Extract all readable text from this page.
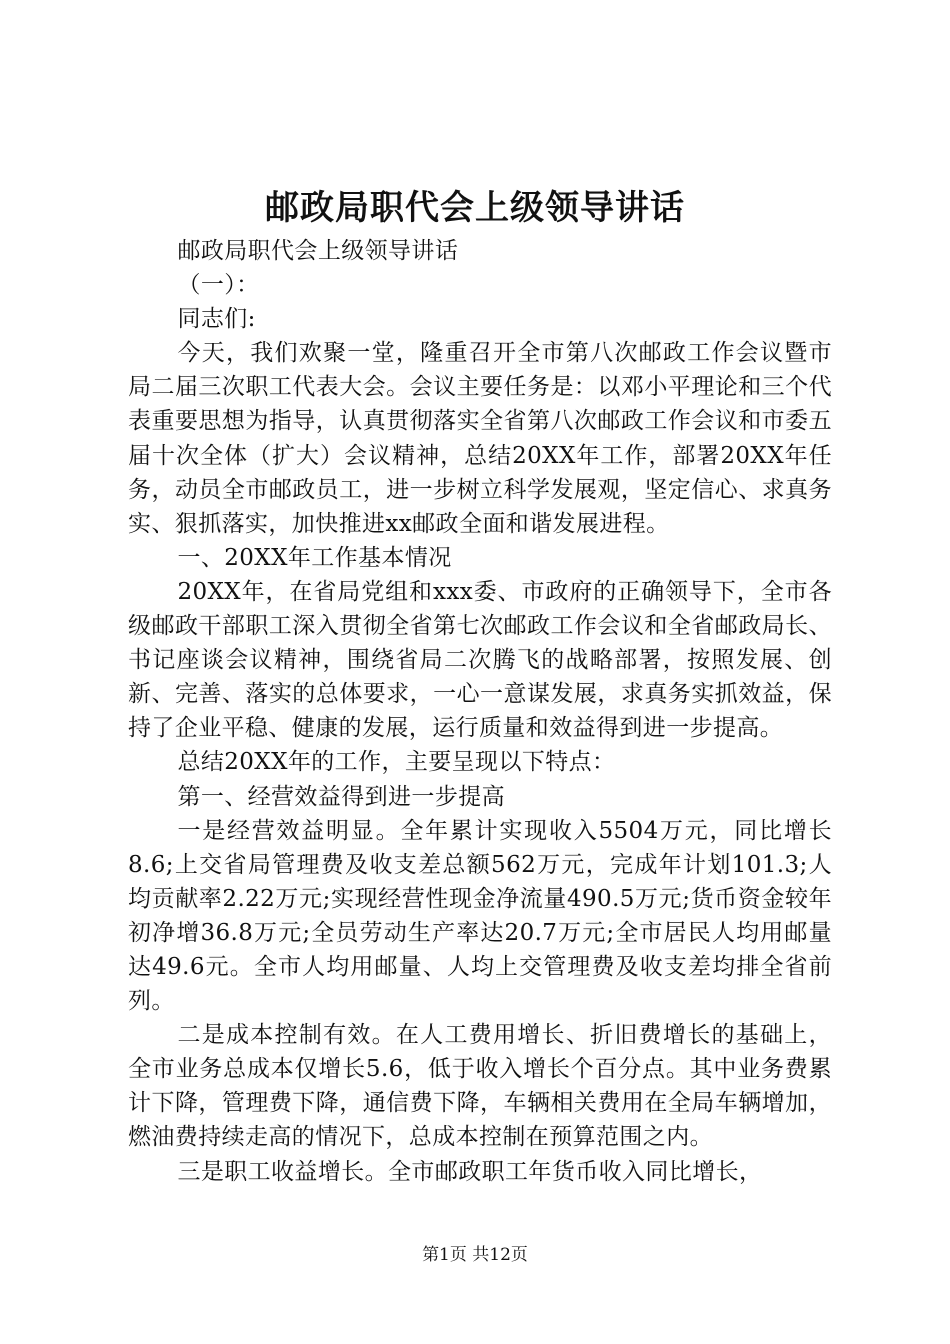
邮政局职代会上级领导讲话

邮政局职代会上级领导讲话

（一）：

同志们:

今天，我们欢聚一堂，隆重召开全市第八次邮政工作会议暨市局二届三次职工代表大会。会议主要任务是：以邓小平理论和三个代表重要思想为指导，认真贯彻落实全省第八次邮政工作会议和市委五届十次全体（扩大）会议精神，总结20XX年工作，部署20XX年任务，动员全市邮政员工，进一步树立科学发展观，坚定信心、求真务实、狠抓落实，加快推进xx邮政全面和谐发展进程。

一、20XX年工作基本情况

20XX年，在省局党组和xxx委、市政府的正确领导下，全市各级邮政干部职工深入贯彻全省第七次邮政工作会议和全省邮政局长、书记座谈会议精神，围绕省局二次腾飞的战略部署，按照发展、创新、完善、落实的总体要求，一心一意谋发展，求真务实抓效益，保持了企业平稳、健康的发展，运行质量和效益得到进一步提高。

总结20XX年的工作，主要呈现以下特点：

第一、经营效益得到进一步提高

一是经营效益明显。全年累计实现收入5504万元，同比增长8.6;上交省局管理费及收支差总额562万元，完成年计划101.3;人均贡献率2.22万元;实现经营性现金净流量490.5万元;货币资金较年初净增36.8万元;全员劳动生产率达20.7万元;全市居民人均用邮量达49.6元。全市人均用邮量、人均上交管理费及收支差均排全省前列。

二是成本控制有效。在人工费用增长、折旧费增长的基础上，全市业务总成本仅增长5.6，低于收入增长个百分点。其中业务费累计下降，管理费下降，通信费下降，车辆相关费用在全局车辆增加，燃油费持续走高的情况下，总成本控制在预算范围之内。

三是职工收益增长。全市邮政职工年货币收入同比增长，

第1页 共12页
